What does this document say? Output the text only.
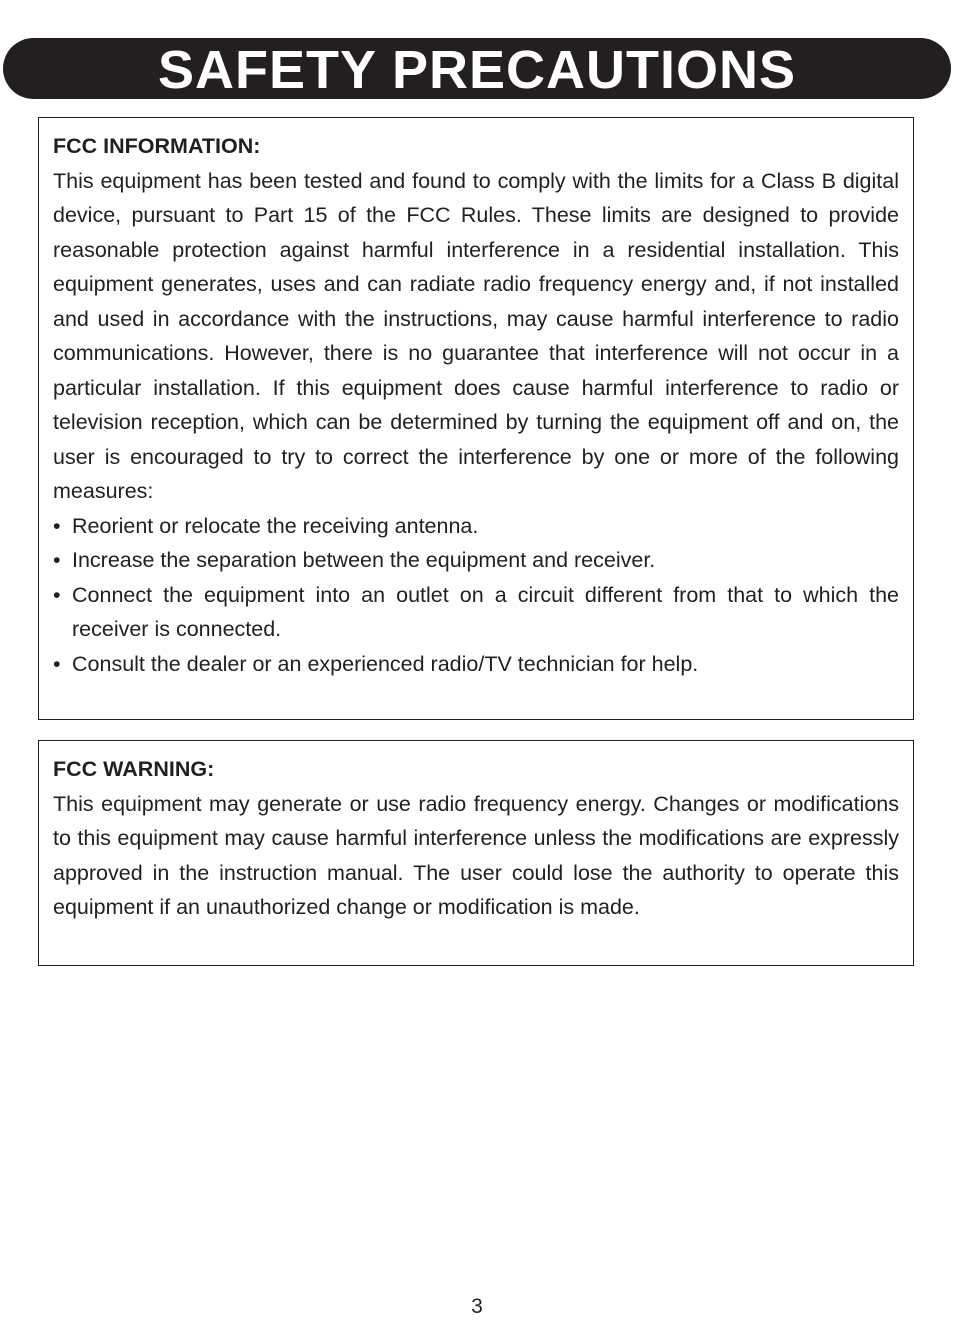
SAFETY PRECAUTIONS
FCC INFORMATION:

This equipment has been tested and found to comply with the limits for a Class B digital device, pursuant to Part 15 of the FCC Rules. These limits are designed to provide reasonable protection against harmful interference in a residential installation. This equipment generates, uses and can radiate radio frequency energy and, if not installed and used in accordance with the instructions, may cause harmful interference to radio communications. However, there is no guarantee that interference will not occur in a particular installation. If this equipment does cause harmful interference to radio or television reception, which can be determined by turning the equipment off and on, the user is encouraged to try to correct the interference by one or more of the following measures:

• Reorient or relocate the receiving antenna.
• Increase the separation between the equipment and receiver.
• Connect the equipment into an outlet on a circuit different from that to which the receiver is connected.
• Consult the dealer or an experienced radio/TV technician for help.
FCC WARNING:

This equipment may generate or use radio frequency energy. Changes or modifications to this equipment may cause harmful interference unless the modifications are expressly approved in the instruction manual. The user could lose the authority to operate this equipment if an unauthorized change or modification is made.

3
